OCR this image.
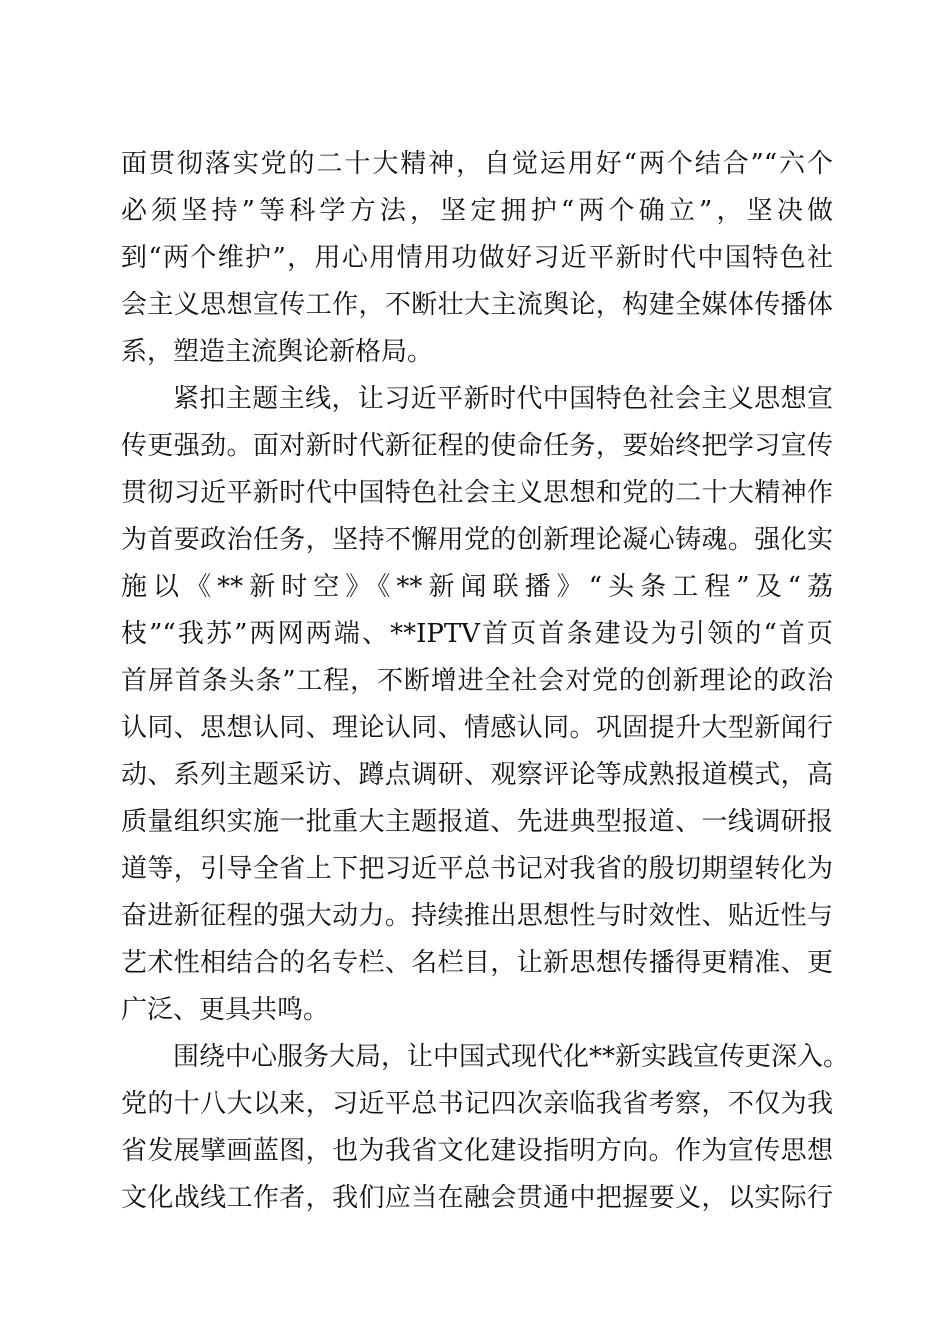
面贯彻落实党的二十大精神，自觉运用好“两个结合”“六个
必须坚持”等科学方法，坚定拥护“两个确立”，坚决做
到“两个维护”，用心用情用功做好习近平新时代中国特色社
会主义思想宣传工作，不断壮大主流舆论，构建全媒体传播体
系，塑造主流舆论新格局。
紧扣主题主线，让习近平新时代中国特色社会主义思想宣
传更强劲。面对新时代新征程的使命任务，要始终把学习宣传
贯彻习近平新时代中国特色社会主义思想和党的二十大精神作
为首要政治任务，坚持不懈用党的创新理论凝心铸魂。强化实
施以《**新时空》《**新闻联播》“头条工程”及“荔
枝”“我苏”两网两端、**IPTV首页首条建设为引领的“首页
首屏首条头条”工程，不断增进全社会对党的创新理论的政治
认同、思想认同、理论认同、情感认同。巩固提升大型新闻行
动、系列主题采访、蹲点调研、观察评论等成熟报道模式，高
质量组织实施一批重大主题报道、先进典型报道、一线调研报
道等，引导全省上下把习近平总书记对我省的殷切期望转化为
奋进新征程的强大动力。持续推出思想性与时效性、贴近性与
艺术性相结合的名专栏、名栏目，让新思想传播得更精准、更
广泛、更具共鸣。
围绕中心服务大局，让中国式现代化**新实践宣传更深入。
党的十八大以来，习近平总书记四次亲临我省考察，不仅为我
省发展擘画蓝图，也为我省文化建设指明方向。作为宣传思想
文化战线工作者，我们应当在融会贯通中把握要义，以实际行
